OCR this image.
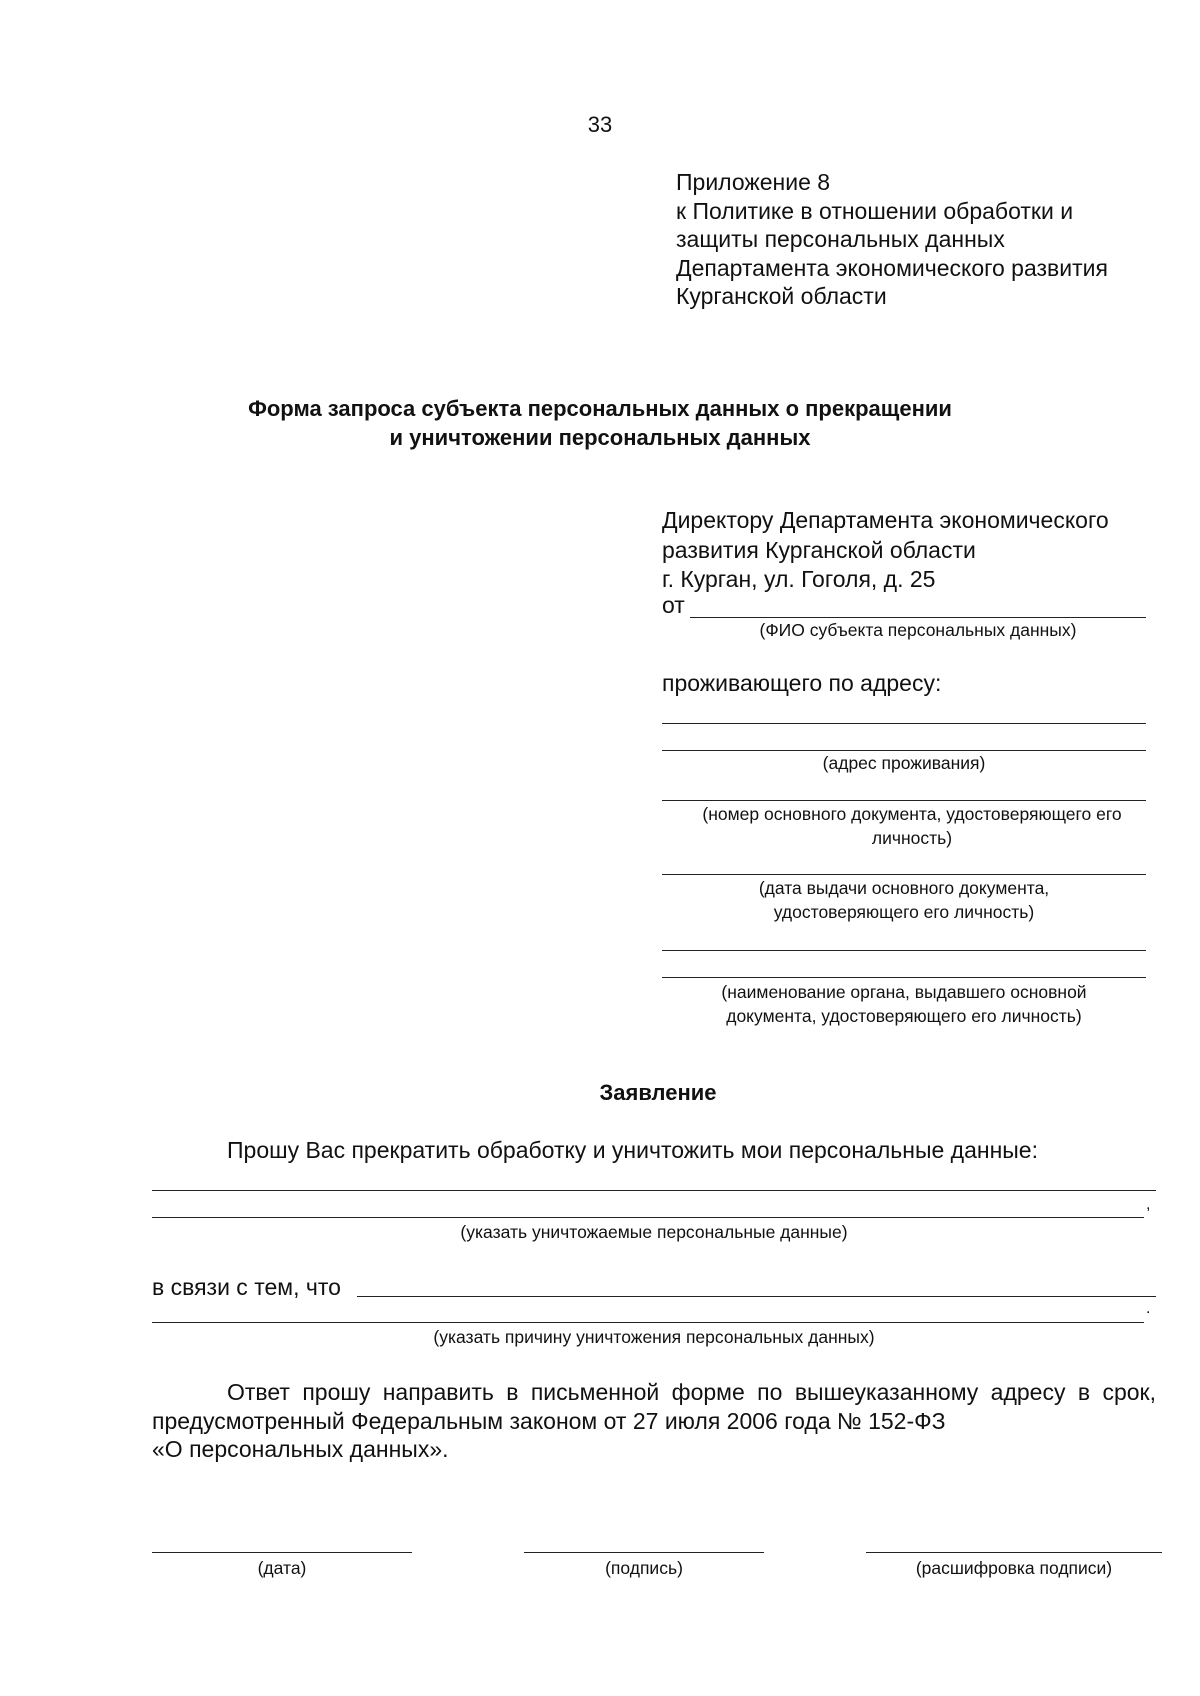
33
Приложение 8
к Политике в отношении обработки и
защиты персональных данных
Департамента экономического развития
Курганской области
Форма запроса субъекта персональных данных о прекращении
и уничтожении персональных данных
Директору Департамента экономического
развития Курганской области
г. Курган, ул. Гоголя, д. 25
от
(ФИО субъекта персональных данных)
проживающего по адресу:
(адрес проживания)
(номер основного документа, удостоверяющего его
личность)
(дата выдачи основного документа,
удостоверяющего его личность)
(наименование органа, выдавшего основной
документа, удостоверяющего его личность)
Заявление
Прошу Вас прекратить обработку и уничтожить мои персональные данные:
,
(указать уничтожаемые персональные данные)
в связи с тем, что
.
(указать причину уничтожения персональных данных)
Ответ прошу направить в письменной форме по вышеуказанному адресу в срок, предусмотренный Федеральным законом от 27 июля 2006 года № 152-ФЗ
«О персональных данных».
(дата)	(подпись)	(расшифровка подписи)
